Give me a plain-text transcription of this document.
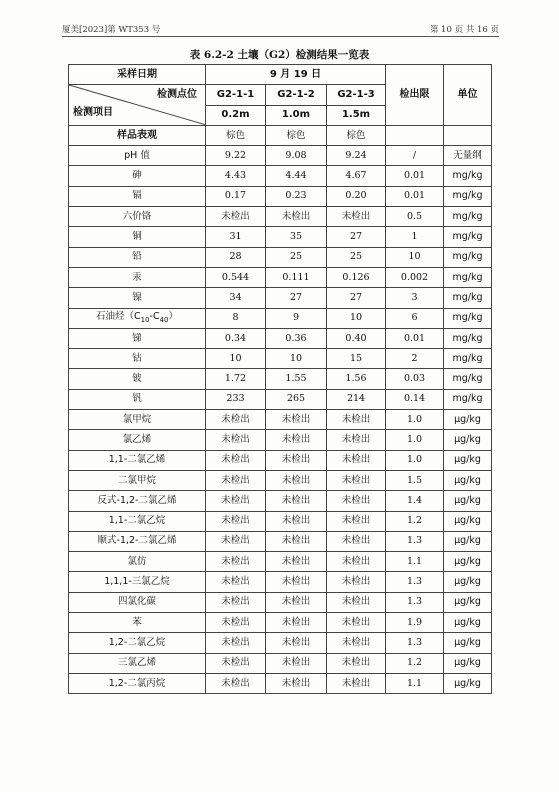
厦美[2023]第 WT353 号	第 10 页 共 16 页
表 6.2-2 土壤（G2）检测结果一览表
采样日期	9 月 19 日			检出限	单位

检测点位
检测项目	G2-1-1	G2-1-2	G2-1-3		
	0.2m	1.0m	1.5m		
样品表观	棕色	棕色	棕色		
pH 值	9.22	9.08	9.24	/	无量纲
砷	4.43	4.44	4.67	0.01	mg/kg
镉	0.17	0.23	0.20	0.01	mg/kg
六价铬	未检出	未检出	未检出	0.5	mg/kg
铜	31	35	27	1	mg/kg
铅	28	25	25	10	mg/kg
汞	0.544	0.111	0.126	0.002	mg/kg
镍	34	27	27	3	mg/kg
石油烃$(C_{10}-C_{40})$	8	9	10	6	mg/kg
锑	0.34	0.36	0.40	0.01	mg/kg
钴	10	10	15	2	mg/kg
铍	1.72	1.55	1.56	0.03	mg/kg
钒	233	265	214	0.14	mg/kg
氯甲烷	未检出	未检出	未检出	1.0	μg/kg
氯乙烯	未检出	未检出	未检出	1.0	μg/kg
1,1-二氯乙烯	未检出	未检出	未检出	1.0	μg/kg
二氯甲烷	未检出	未检出	未检出	1.5	μg/kg
反式-1,2-二氯乙烯	未检出	未检出	未检出	1.4	μg/kg
1,1-二氯乙烷	未检出	未检出	未检出	1.2	μg/kg
顺式-1,2-二氯乙烯	未检出	未检出	未检出	1.3	μg/kg
氯仿	未检出	未检出	未检出	1.1	μg/kg
1,1,1-三氯乙烷	未检出	未检出	未检出	1.3	μg/kg
四氯化碳	未检出	未检出	未检出	1.3	μg/kg
苯	未检出	未检出	未检出	1.9	μg/kg
1,2-二氯乙烷	未检出	未检出	未检出	1.3	μg/kg
三氯乙烯	未检出	未检出	未检出	1.2	μg/kg
1,2-二氯丙烷	未检出	未检出	未检出	1.1	μg/kg
